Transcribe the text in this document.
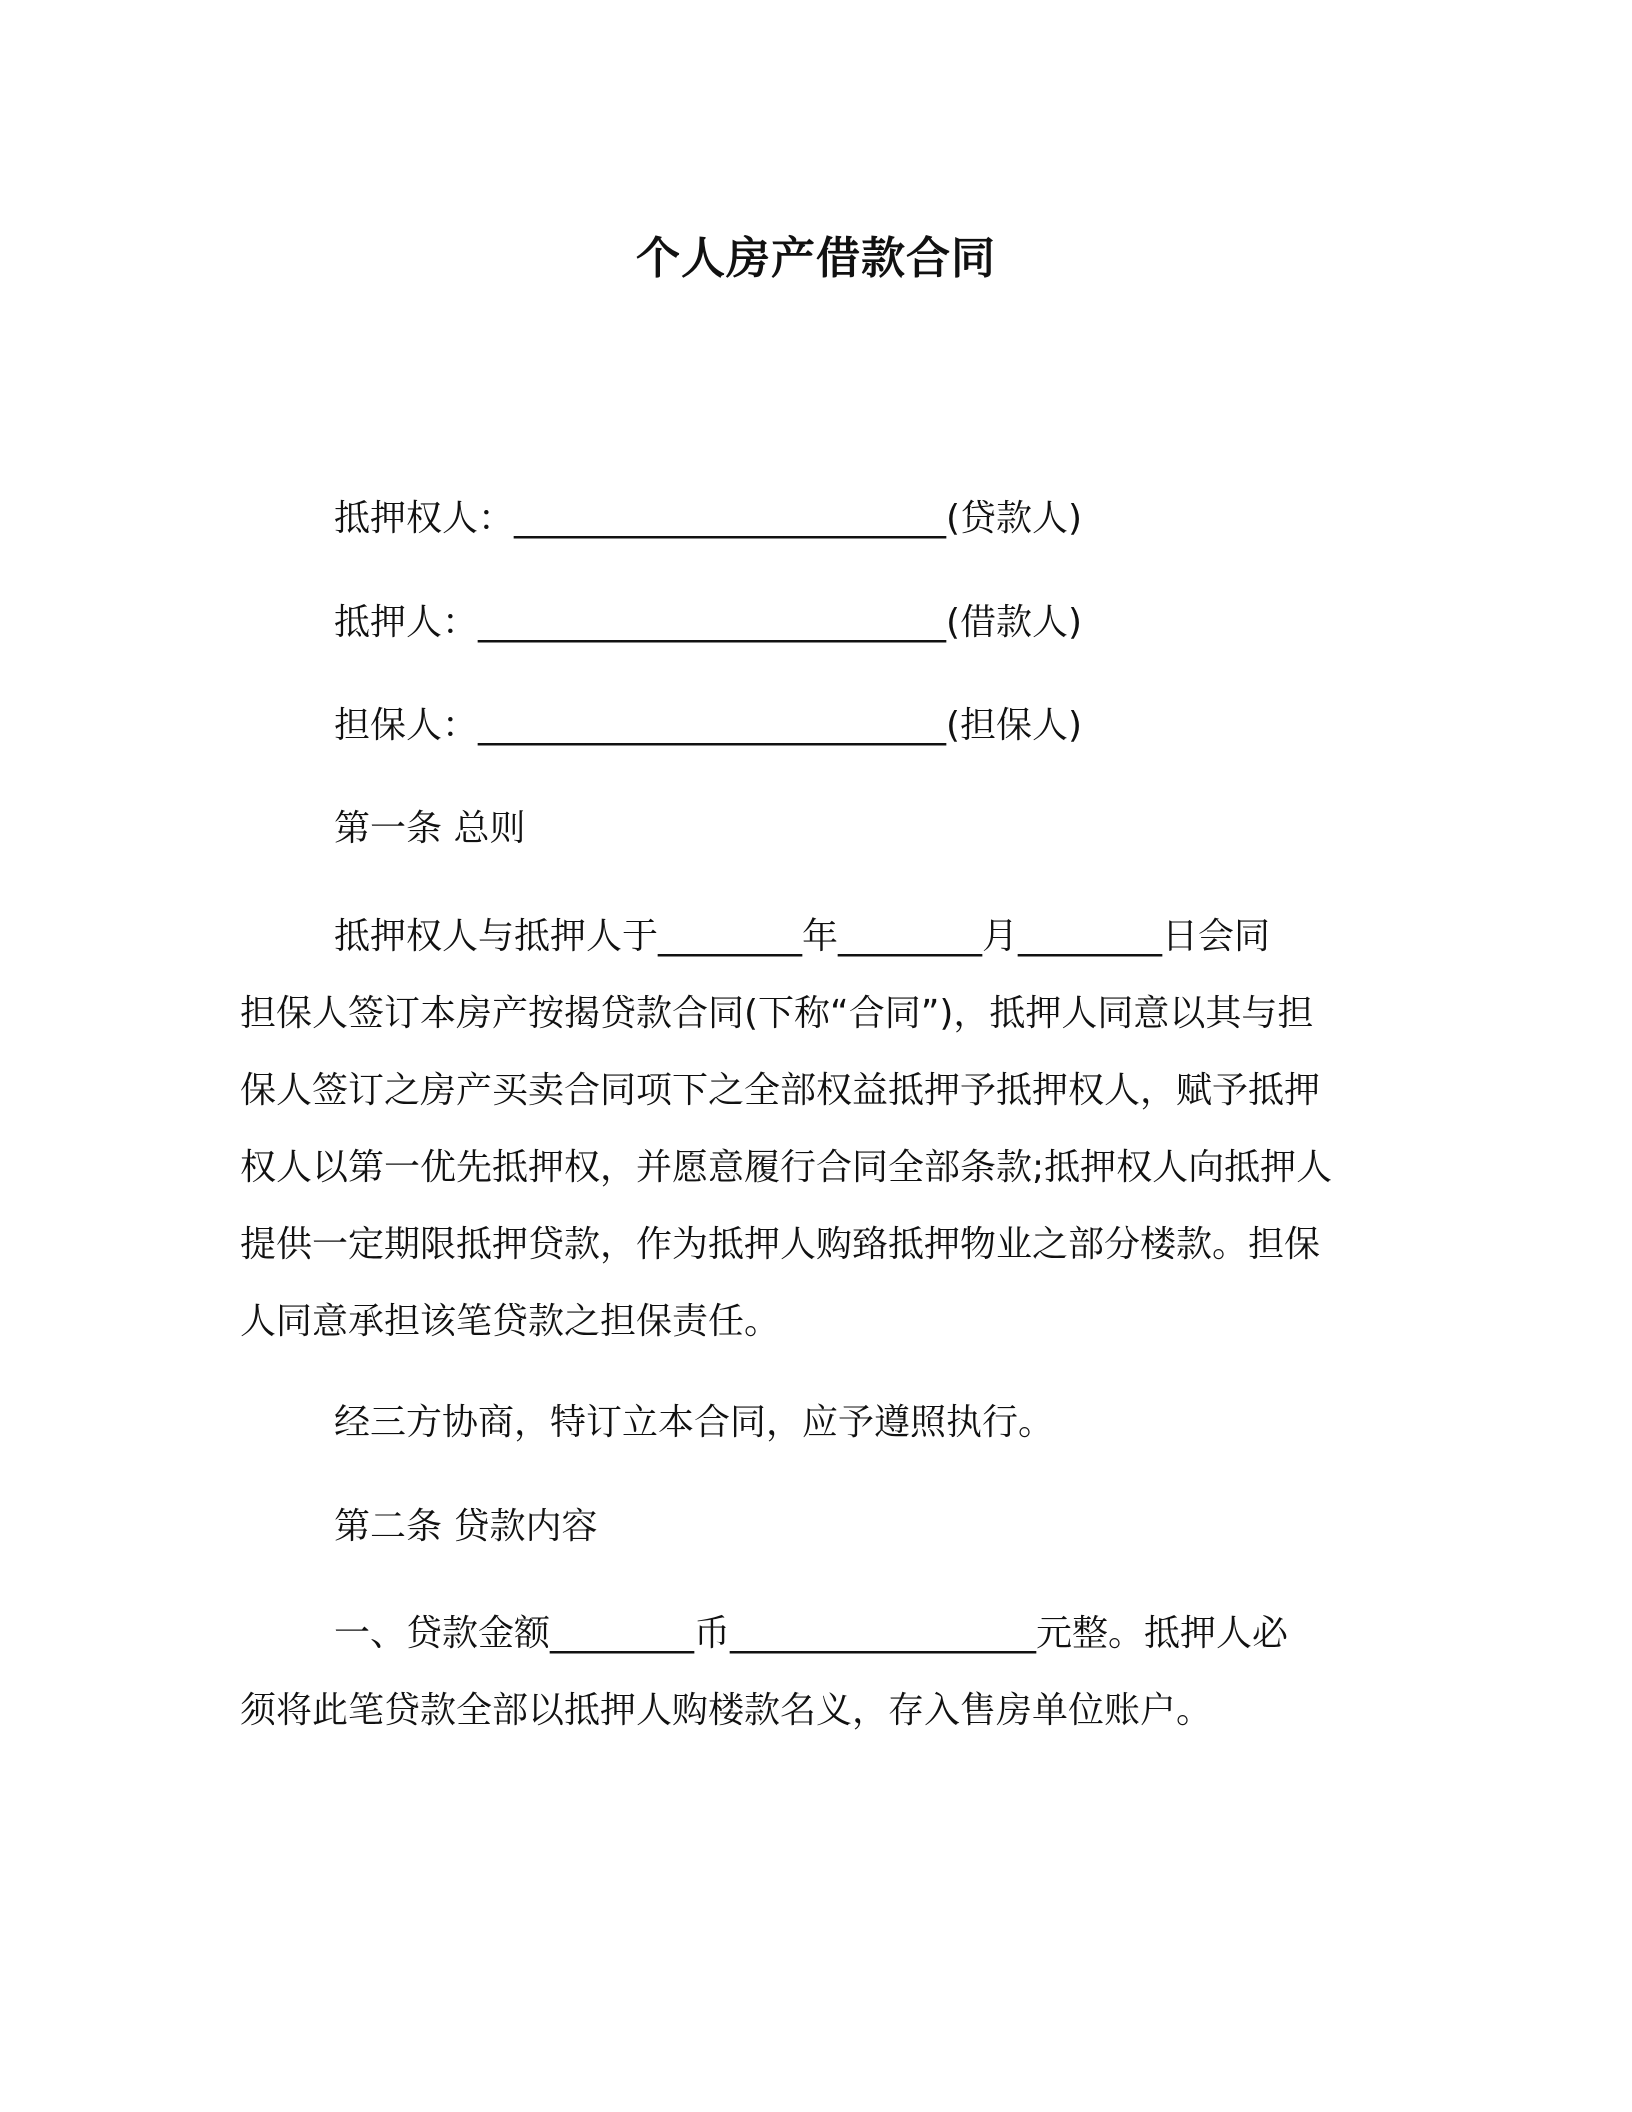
个人房产借款合同
抵押权人：________________________(贷款人)
抵押人：__________________________(借款人)
担保人：__________________________(担保人)
第一条 总则
抵押权人与抵押人于________年________月________日会同
担保人签订本房产按揭贷款合同(下称“合同”)，抵押人同意以其与担
保人签订之房产买卖合同项下之全部权益抵押予抵押权人，赋予抵押
权人以第一优先抵押权，并愿意履行合同全部条款;抵押权人向抵押人
提供一定期限抵押贷款，作为抵押人购臵抵押物业之部分楼款。担保
人同意承担该笔贷款之担保责任。
经三方协商，特订立本合同，应予遵照执行。
第二条 贷款内容
一、贷款金额________币_________________元整。抵押人必
须将此笔贷款全部以抵押人购楼款名义，存入售房单位账户。
